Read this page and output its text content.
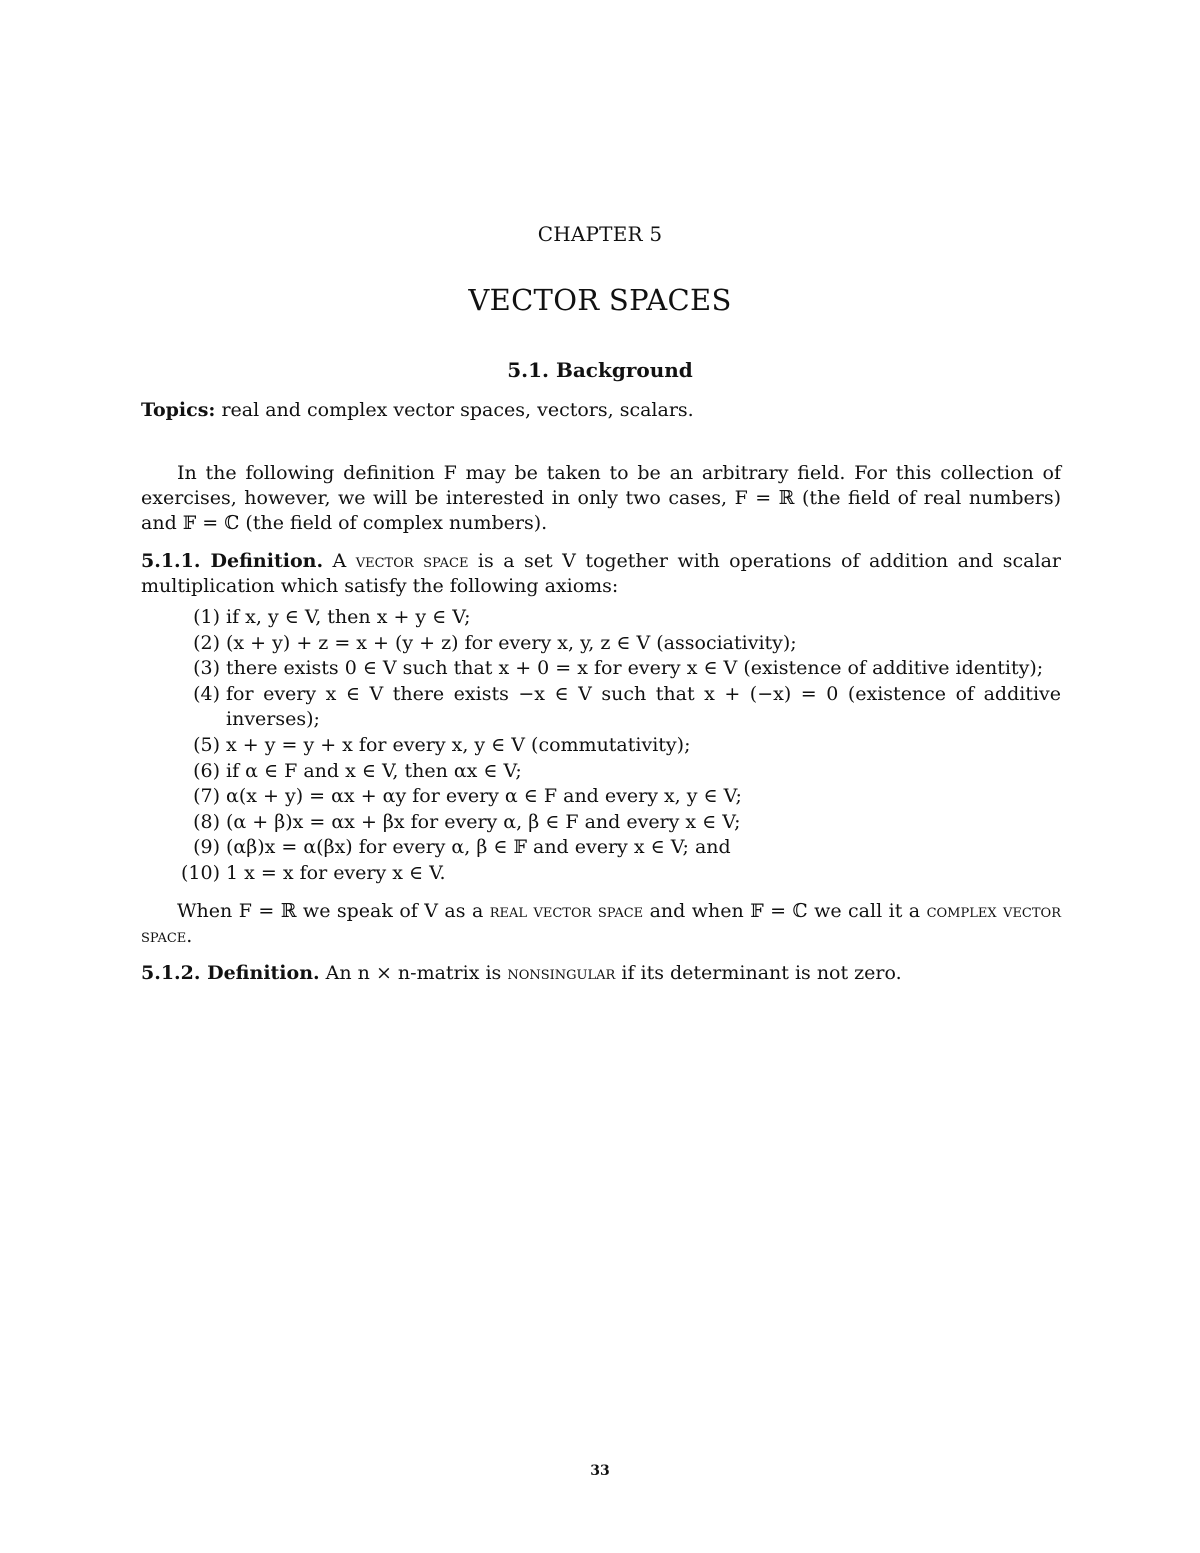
CHAPTER 5
VECTOR SPACES
5.1. Background
Topics: real and complex vector spaces, vectors, scalars.
In the following definition F may be taken to be an arbitrary field. For this collection of exercises, however, we will be interested in only two cases, F = ℝ (the field of real numbers) and 𝔽 = ℂ (the field of complex numbers).
5.1.1. Definition. A vector space is a set V together with operations of addition and scalar multiplication which satisfy the following axioms:
(1) if x, y ∈ V, then x + y ∈ V;
(2) (x + y) + z = x + (y + z) for every x, y, z ∈ V (associativity);
(3) there exists 0 ∈ V such that x + 0 = x for every x ∈ V (existence of additive identity);
(4) for every x ∈ V there exists −x ∈ V such that x + (−x) = 0 (existence of additive inverses);
(5) x + y = y + x for every x, y ∈ V (commutativity);
(6) if α ∈ F and x ∈ V, then αx ∈ V;
(7) α(x + y) = αx + αy for every α ∈ F and every x, y ∈ V;
(8) (α + β)x = αx + βx for every α, β ∈ F and every x ∈ V;
(9) (αβ)x = α(βx) for every α, β ∈ 𝔽 and every x ∈ V; and
(10) 1 x = x for every x ∈ V.
When F = ℝ we speak of V as a real vector space and when 𝔽 = ℂ we call it a complex vector space.
5.1.2. Definition. An n × n-matrix is nonsingular if its determinant is not zero.
33
